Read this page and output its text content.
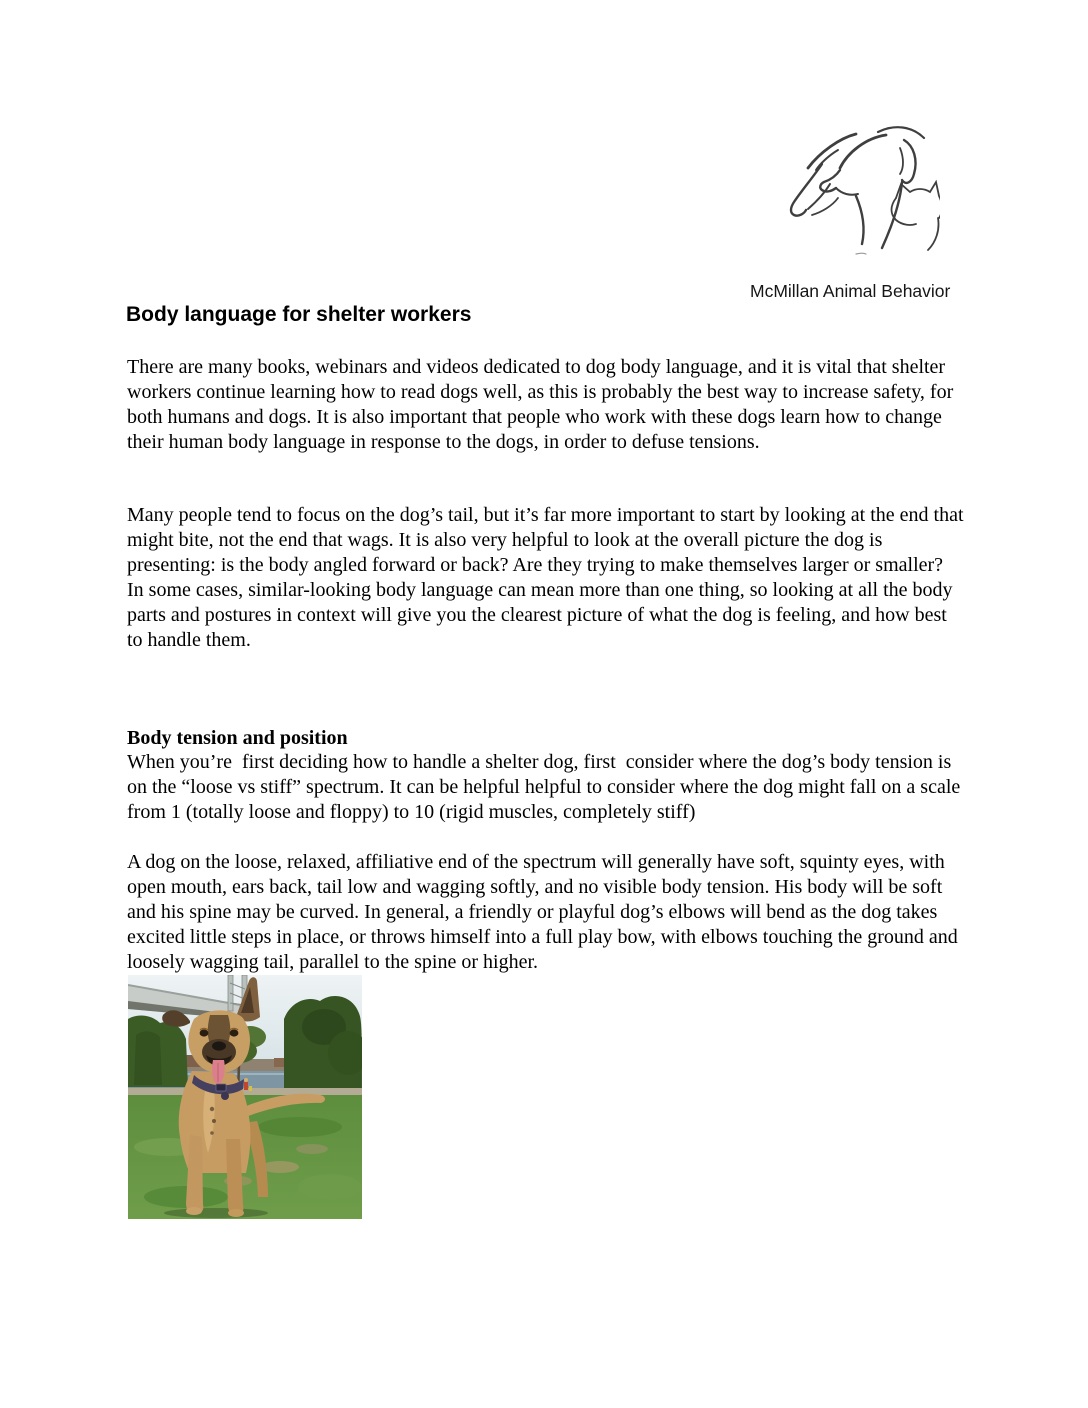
McMillan Animal Behavior
Body language for shelter workers
There are many books, webinars and videos dedicated to dog body language, and it is vital that shelter workers continue learning how to read dogs well, as this is probably the best way to increase safety, for both humans and dogs. It is also important that people who work with these dogs learn how to change their human body language in response to the dogs, in order to defuse tensions.
Many people tend to focus on the dog’s tail, but it’s far more important to start by looking at the end that might bite, not the end that wags. It is also very helpful to look at the overall picture the dog is presenting: is the body angled forward or back? Are they trying to make themselves larger or smaller?  In some cases, similar-looking body language can mean more than one thing, so looking at all the body parts and postures in context will give you the clearest picture of what the dog is feeling, and how best to handle them.
Body tension and position
When you’re  first deciding how to handle a shelter dog, first  consider where the dog’s body tension is on the “loose vs stiff” spectrum. It can be helpful helpful to consider where the dog might fall on a scale from 1 (totally loose and floppy) to 10 (rigid muscles, completely stiff)
A dog on the loose, relaxed, affiliative end of the spectrum will generally have soft, squinty eyes, with open mouth, ears back, tail low and wagging softly, and no visible body tension. His body will be soft and his spine may be curved. In general, a friendly or playful dog’s elbows will bend as the dog takes excited little steps in place, or throws himself into a full play bow, with elbows touching the ground and loosely wagging tail, parallel to the spine or higher.
